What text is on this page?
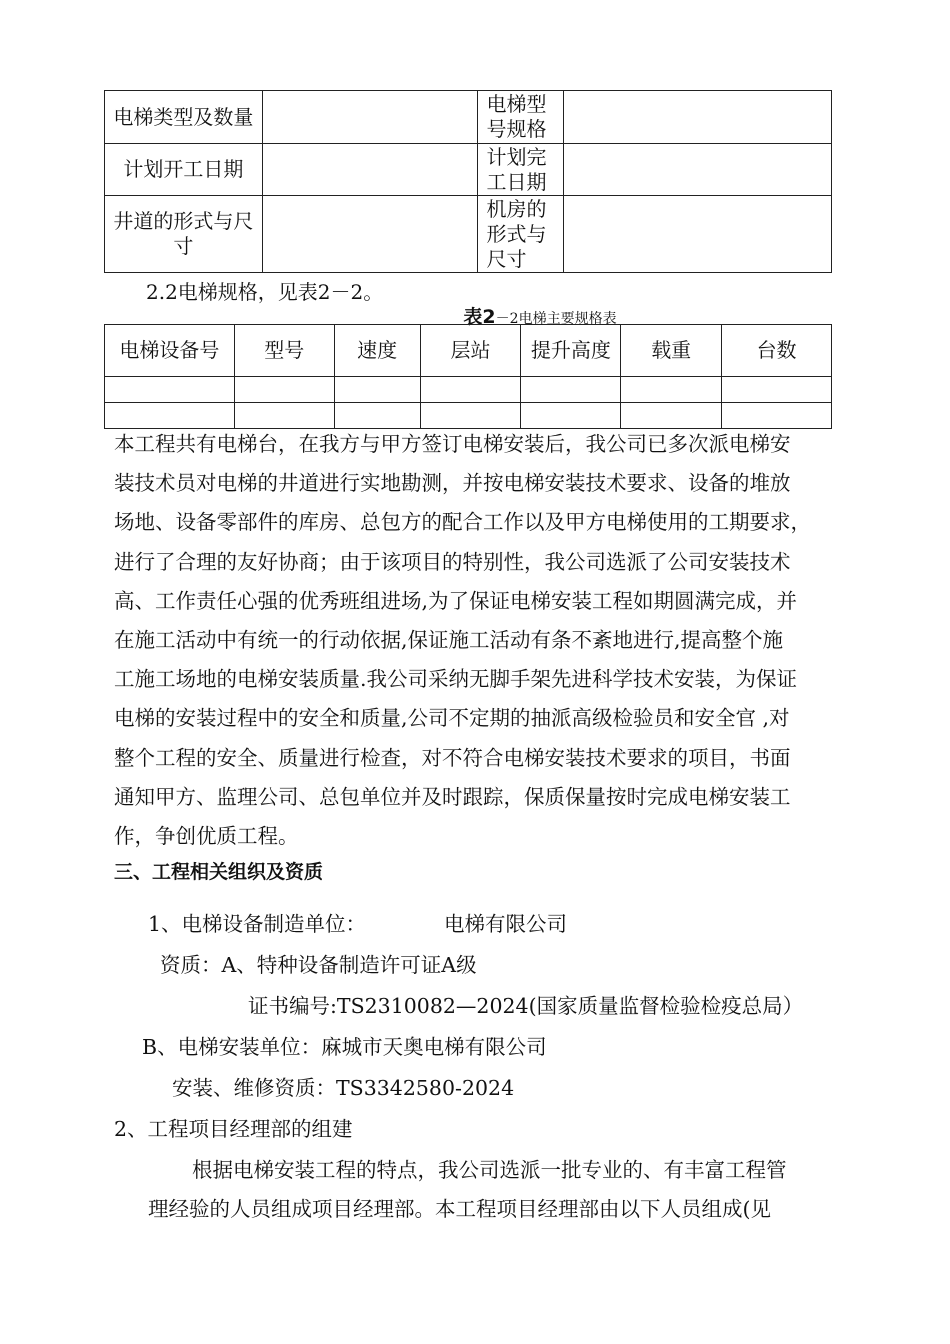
电梯类型及数量		电梯型号规格	
计划开工日期		计划完工日期	
井道的形式与尺寸		机房的形式与尺寸	
2.2电梯规格，见表2－2。
表2－2电梯主要规格表
电梯设备号	型号	速度	层站	提升高度	载重	台数

本工程共有电梯台，在我方与甲方签订电梯安装后，我公司已多次派电梯安
装技术员对电梯的井道进行实地勘测，并按电梯安装技术要求、设备的堆放
场地、设备零部件的库房、总包方的配合工作以及甲方电梯使用的工期要求，
进行了合理的友好协商；由于该项目的特别性，我公司选派了公司安装技术
高、工作责任心强的优秀班组进场,为了保证电梯安装工程如期圆满完成，并
在施工活动中有统一的行动依据,保证施工活动有条不紊地进行,提高整个施
工施工场地的电梯安装质量.我公司采纳无脚手架先进科学技术安装，为保证
电梯的安装过程中的安全和质量,公司不定期的抽派高级检验员和安全官 ,对
整个工程的安全、质量进行检查，对不符合电梯安装技术要求的项目，书面
通知甲方、监理公司、总包单位并及时跟踪，保质保量按时完成电梯安装工
作，争创优质工程。
三、工程相关组织及资质
1、电梯设备制造单位：	电梯有限公司
资质：A、特种设备制造许可证A级
证书编号:TS2310082—2024(国家质量监督检验检疫总局）
B、电梯安装单位：麻城市天奥电梯有限公司
安装、维修资质：TS3342580-2024
2、工程项目经理部的组建
根据电梯安装工程的特点，我公司选派一批专业的、有丰富工程管
理经验的人员组成项目经理部。本工程项目经理部由以下人员组成(见
